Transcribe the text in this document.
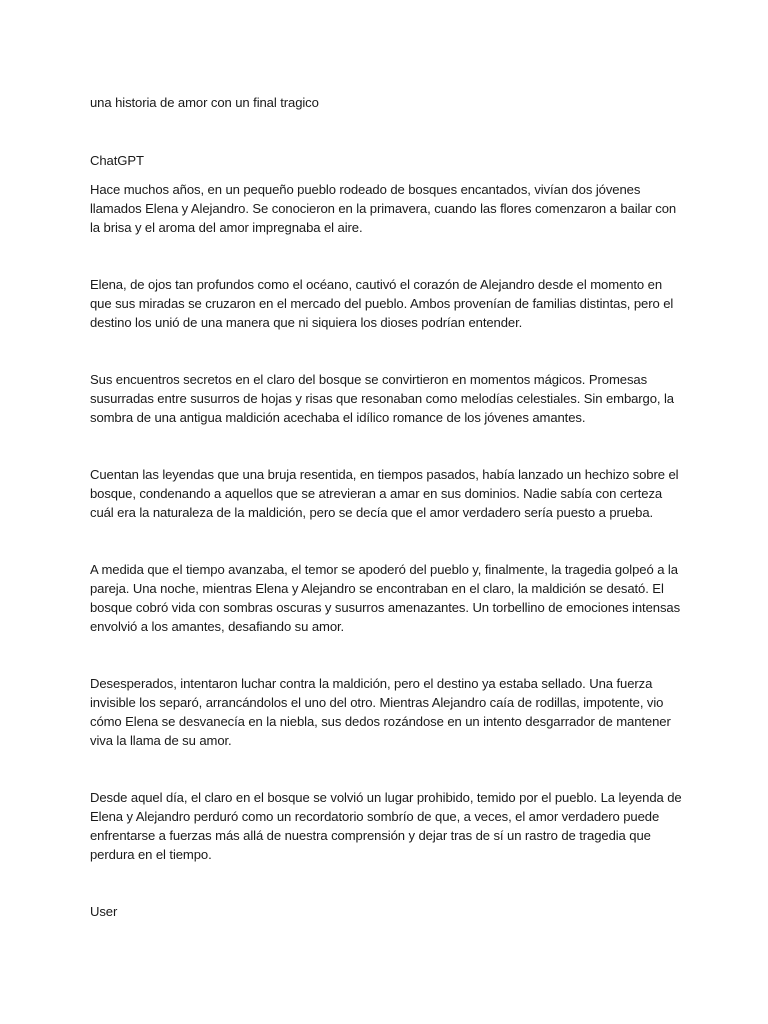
una historia de amor con un final tragico

ChatGPT

Hace muchos años, en un pequeño pueblo rodeado de bosques encantados, vivían dos jóvenes llamados Elena y Alejandro. Se conocieron en la primavera, cuando las flores comenzaron a bailar con la brisa y el aroma del amor impregnaba el aire.

Elena, de ojos tan profundos como el océano, cautivó el corazón de Alejandro desde el momento en que sus miradas se cruzaron en el mercado del pueblo. Ambos provenían de familias distintas, pero el destino los unió de una manera que ni siquiera los dioses podrían entender.

Sus encuentros secretos en el claro del bosque se convirtieron en momentos mágicos. Promesas susurradas entre susurros de hojas y risas que resonaban como melodías celestiales. Sin embargo, la sombra de una antigua maldición acechaba el idílico romance de los jóvenes amantes.

Cuentan las leyendas que una bruja resentida, en tiempos pasados, había lanzado un hechizo sobre el bosque, condenando a aquellos que se atrevieran a amar en sus dominios. Nadie sabía con certeza cuál era la naturaleza de la maldición, pero se decía que el amor verdadero sería puesto a prueba.

A medida que el tiempo avanzaba, el temor se apoderó del pueblo y, finalmente, la tragedia golpeó a la pareja. Una noche, mientras Elena y Alejandro se encontraban en el claro, la maldición se desató. El bosque cobró vida con sombras oscuras y susurros amenazantes. Un torbellino de emociones intensas envolvió a los amantes, desafiando su amor.

Desesperados, intentaron luchar contra la maldición, pero el destino ya estaba sellado. Una fuerza invisible los separó, arrancándolos el uno del otro. Mientras Alejandro caía de rodillas, impotente, vio cómo Elena se desvanecía en la niebla, sus dedos rozándose en un intento desgarrador de mantener viva la llama de su amor.

Desde aquel día, el claro en el bosque se volvió un lugar prohibido, temido por el pueblo. La leyenda de Elena y Alejandro perduró como un recordatorio sombrío de que, a veces, el amor verdadero puede enfrentarse a fuerzas más allá de nuestra comprensión y dejar tras de sí un rastro de tragedia que perdura en el tiempo.

User
